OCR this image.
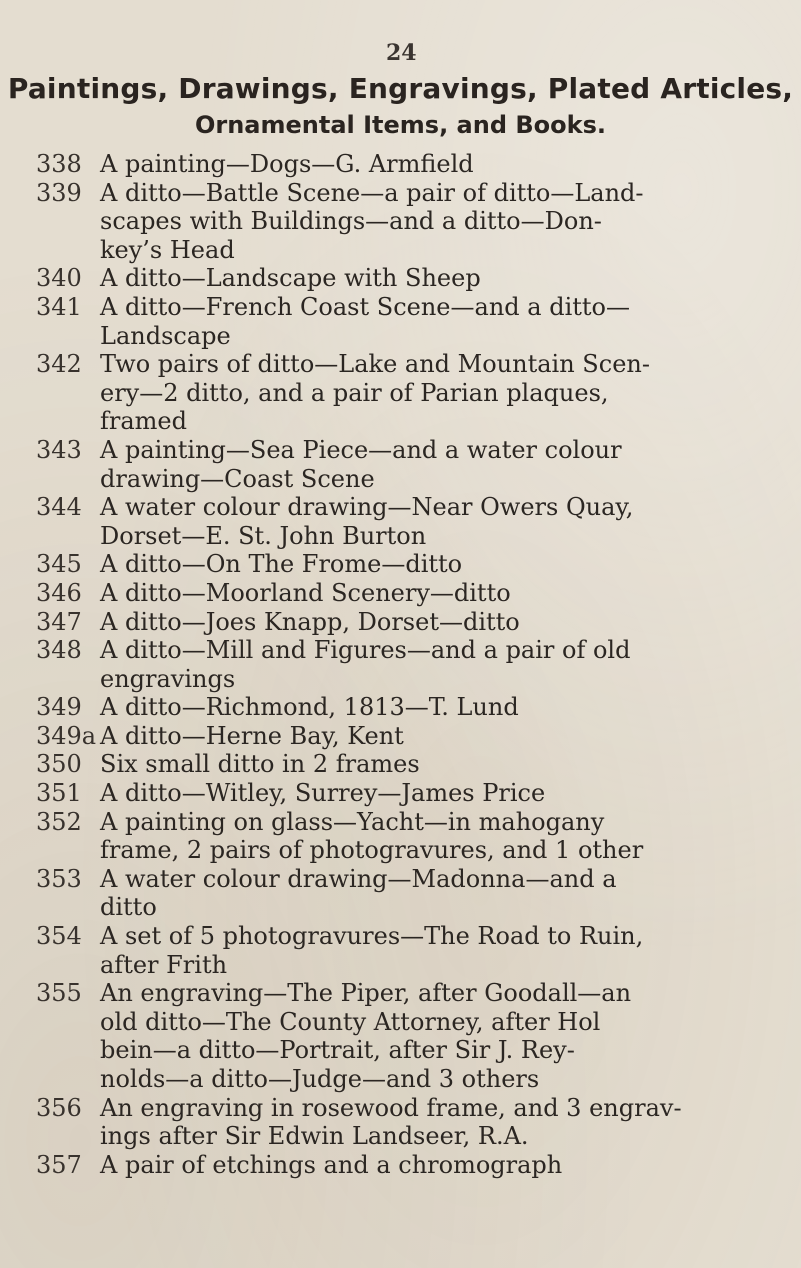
24
Paintings, Drawings, Engravings, Plated Articles,
Ornamental Items, and Books.
338 A painting—Dogs—G. Armfield
339 A ditto—Battle Scene—a pair of ditto—Land-
scapes with Buildings—and a ditto—Don-
key’s Head
340 A ditto—Landscape with Sheep
341 A ditto—French Coast Scene—and a ditto—
Landscape
342 Two pairs of ditto—Lake and Mountain Scen-
ery—2 ditto, and a pair of Parian plaques,
framed
343 A painting—Sea Piece—and a water colour
drawing—Coast Scene
344 A water colour drawing—Near Owers Quay,
Dorset—E. St. John Burton
345 A ditto—On The Frome—ditto
346 A ditto—Moorland Scenery—ditto
347 A ditto—Joes Knapp, Dorset—ditto
348 A ditto—Mill and Figures—and a pair of old
engravings
349 A ditto—Richmond, 1813—T. Lund
349a A ditto—Herne Bay, Kent
350 Six small ditto in 2 frames
351 A ditto—Witley, Surrey—James Price
352 A painting on glass—Yacht—in mahogany
frame, 2 pairs of photogravures, and 1 other
353 A water colour drawing—Madonna—and a
ditto
354 A set of 5 photogravures—The Road to Ruin,
after Frith
355 An engraving—The Piper, after Goodall—an
old ditto—The County Attorney, after Hol
bein—a ditto—Portrait, after Sir J. Rey-
nolds—a ditto—Judge—and 3 others
356 An engraving in rosewood frame, and 3 engrav-
ings after Sir Edwin Landseer, R.A.
357 A pair of etchings and a chromograph
